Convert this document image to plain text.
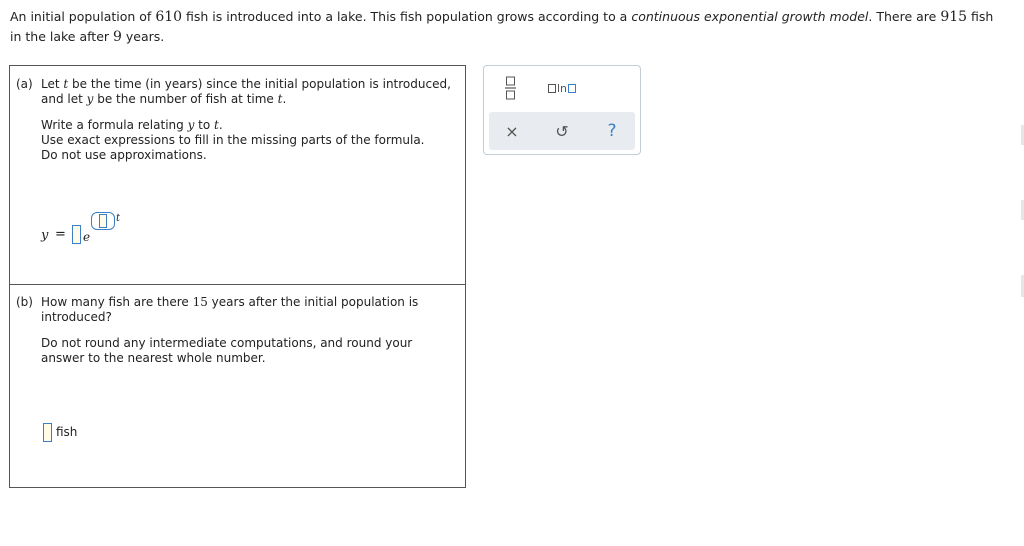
An initial population of 610 fish is introduced into a lake. This fish population grows according to a continuous exponential growth model. There are 915 fish in the lake after 9 years.
(a) Let t be the time (in years) since the initial population is introduced,
and let y be the number of fish at time t.
Write a formula relating y to t.
Use exact expressions to fill in the missing parts of the formula.
Do not use approximations.
y = e
t
(b) How many fish are there 15 years after the initial population is
introduced?
Do not round any intermediate computations, and round your
answer to the nearest whole number.
fish
ln
×	↺	?
